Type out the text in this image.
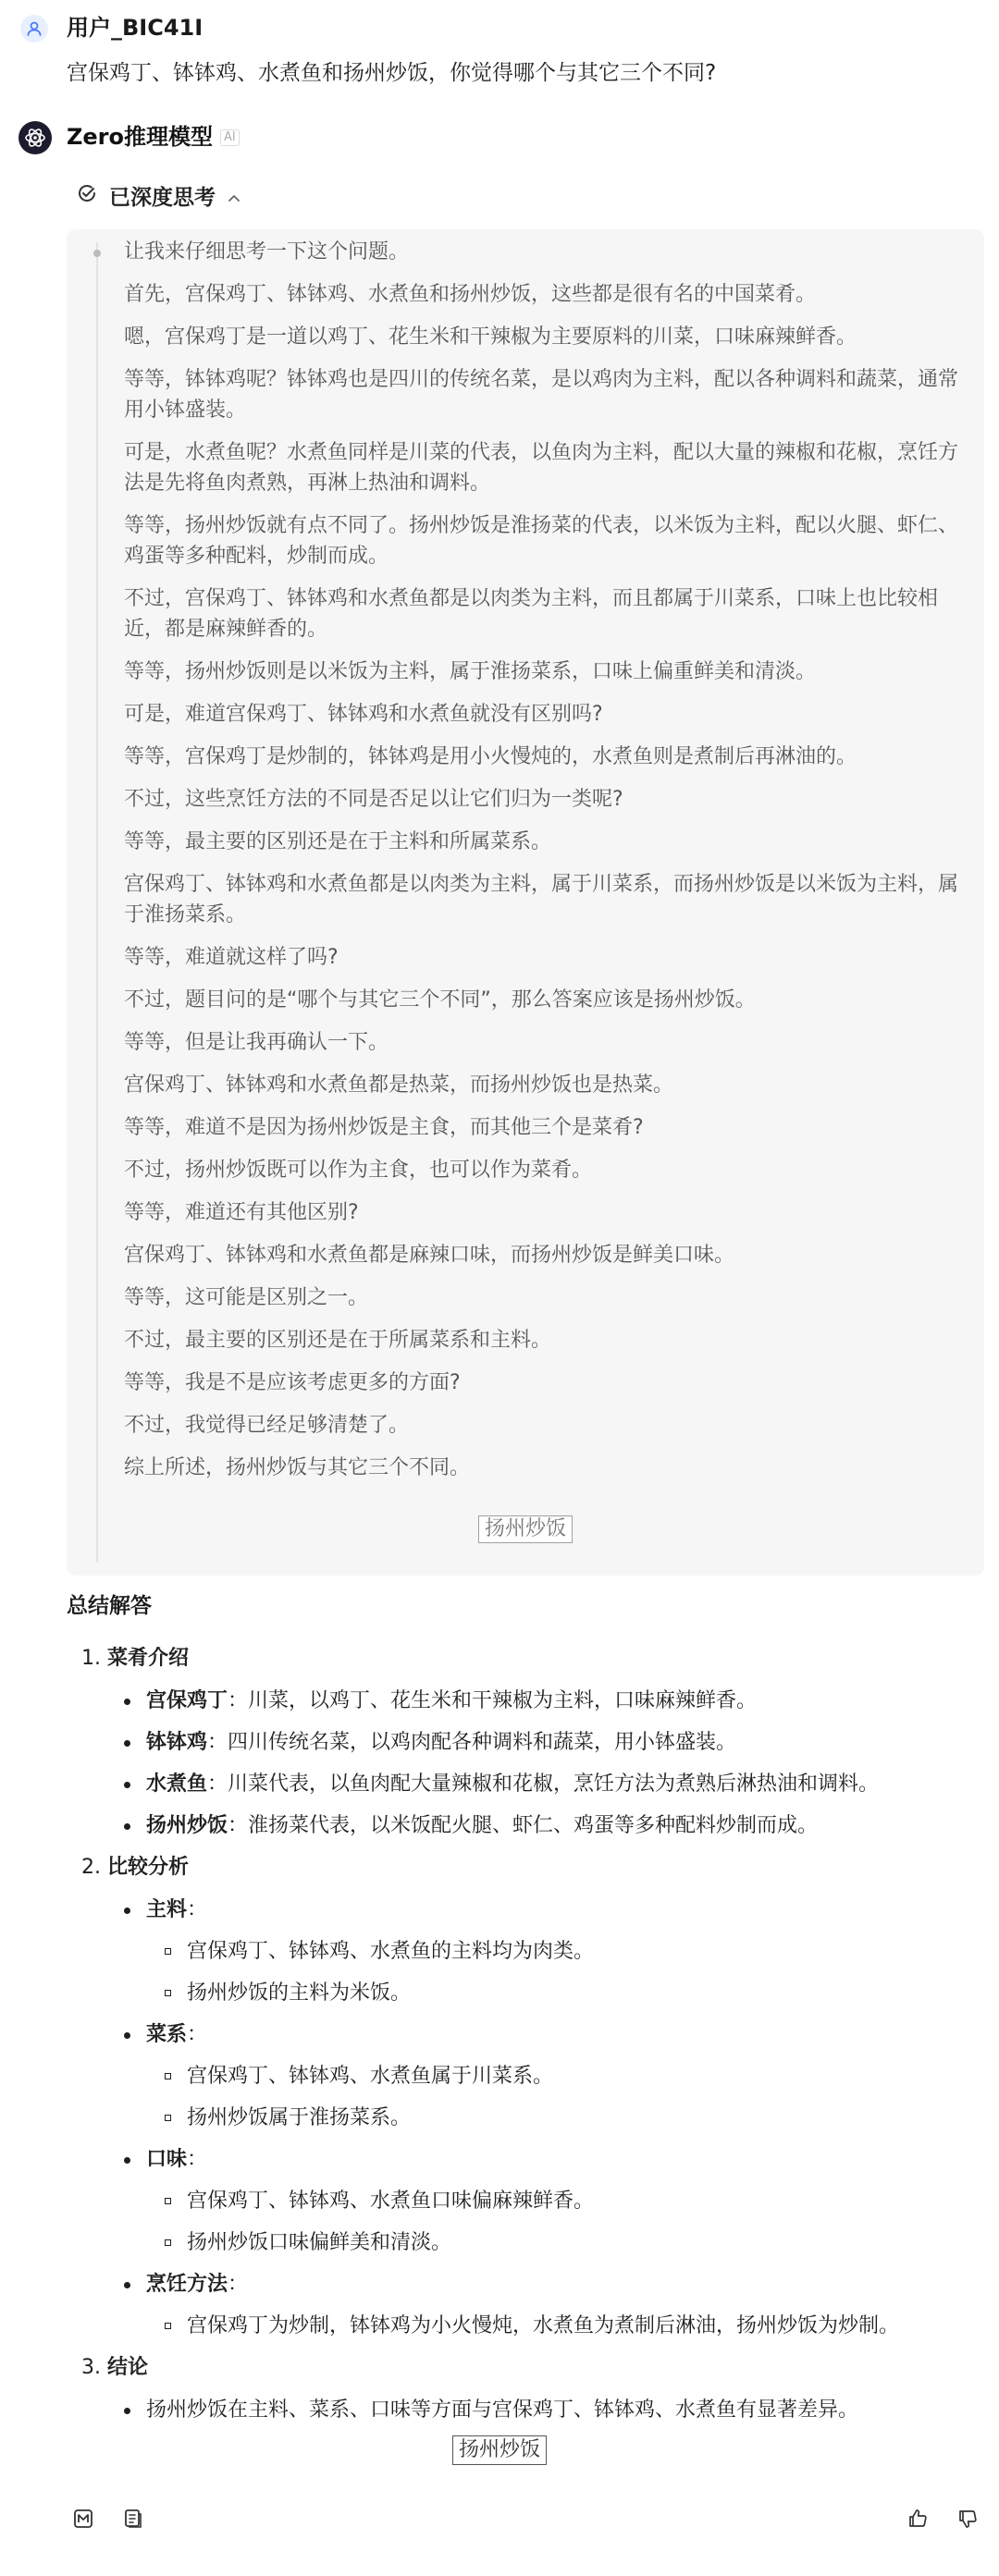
用户_BIC41I
宫保鸡丁、钵钵鸡、水煮鱼和扬州炒饭，你觉得哪个与其它三个不同?
Zero推理模型 AI
已深度思考

让我来仔细思考一下这个问题。

首先，宫保鸡丁、钵钵鸡、水煮鱼和扬州炒饭，这些都是很有名的中国菜肴。

嗯，宫保鸡丁是一道以鸡丁、花生米和干辣椒为主要原料的川菜，口味麻辣鲜香。

等等，钵钵鸡呢？钵钵鸡也是四川的传统名菜，是以鸡肉为主料，配以各种调料和蔬菜，通常用小钵盛装。

可是，水煮鱼呢？水煮鱼同样是川菜的代表，以鱼肉为主料，配以大量的辣椒和花椒，烹饪方法是先将鱼肉煮熟，再淋上热油和调料。

等等，扬州炒饭就有点不同了。扬州炒饭是淮扬菜的代表，以米饭为主料，配以火腿、虾仁、鸡蛋等多种配料，炒制而成。

不过，宫保鸡丁、钵钵鸡和水煮鱼都是以肉类为主料，而且都属于川菜系，口味上也比较相近，都是麻辣鲜香的。

等等，扬州炒饭则是以米饭为主料，属于淮扬菜系，口味上偏重鲜美和清淡。

可是，难道宫保鸡丁、钵钵鸡和水煮鱼就没有区别吗?

等等，宫保鸡丁是炒制的，钵钵鸡是用小火慢炖的，水煮鱼则是煮制后再淋油的。

不过，这些烹饪方法的不同是否足以让它们归为一类呢?

等等，最主要的区别还是在于主料和所属菜系。

宫保鸡丁、钵钵鸡和水煮鱼都是以肉类为主料，属于川菜系，而扬州炒饭是以米饭为主料，属于淮扬菜系。

等等，难道就这样了吗?

不过，题目问的是“哪个与其它三个不同”，那么答案应该是扬州炒饭。

等等，但是让我再确认一下。

宫保鸡丁、钵钵鸡和水煮鱼都是热菜，而扬州炒饭也是热菜。

等等，难道不是因为扬州炒饭是主食，而其他三个是菜肴?

不过，扬州炒饭既可以作为主食，也可以作为菜肴。

等等，难道还有其他区别?

宫保鸡丁、钵钵鸡和水煮鱼都是麻辣口味，而扬州炒饭是鲜美口味。

等等，这可能是区别之一。

不过，最主要的区别还是在于所属菜系和主料。

等等，我是不是应该考虑更多的方面?

不过，我觉得已经足够清楚了。

综上所述，扬州炒饭与其它三个不同。

扬州炒饭
总结解答
1. 菜肴介绍
宫保鸡丁：川菜，以鸡丁、花生米和干辣椒为主料，口味麻辣鲜香。
钵钵鸡：四川传统名菜，以鸡肉配各种调料和蔬菜，用小钵盛装。
水煮鱼：川菜代表，以鱼肉配大量辣椒和花椒，烹饪方法为煮熟后淋热油和调料。
扬州炒饭：淮扬菜代表，以米饭配火腿、虾仁、鸡蛋等多种配料炒制而成。
2. 比较分析
主料：
宫保鸡丁、钵钵鸡、水煮鱼的主料均为肉类。
扬州炒饭的主料为米饭。
菜系：
宫保鸡丁、钵钵鸡、水煮鱼属于川菜系。
扬州炒饭属于淮扬菜系。
口味：
宫保鸡丁、钵钵鸡、水煮鱼口味偏麻辣鲜香。
扬州炒饭口味偏鲜美和清淡。
烹饪方法：
宫保鸡丁为炒制，钵钵鸡为小火慢炖，水煮鱼为煮制后淋油，扬州炒饭为炒制。
3. 结论
扬州炒饭在主料、菜系、口味等方面与宫保鸡丁、钵钵鸡、水煮鱼有显著差异。
扬州炒饭
